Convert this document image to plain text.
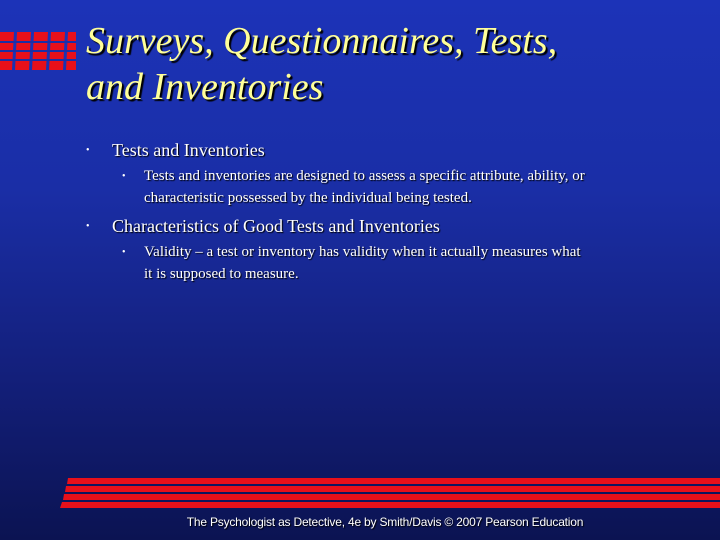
Surveys, Questionnaires, Tests,
and Inventories
• Tests and Inventories
• Tests and inventories are designed to assess a specific attribute, ability, or
characteristic possessed by the individual being tested.
• Characteristics of Good Tests and Inventories
• Validity – a test or inventory has validity when it actually measures what
it is supposed to measure.
The Psychologist as Detective, 4e by Smith/Davis © 2007 Pearson Education
